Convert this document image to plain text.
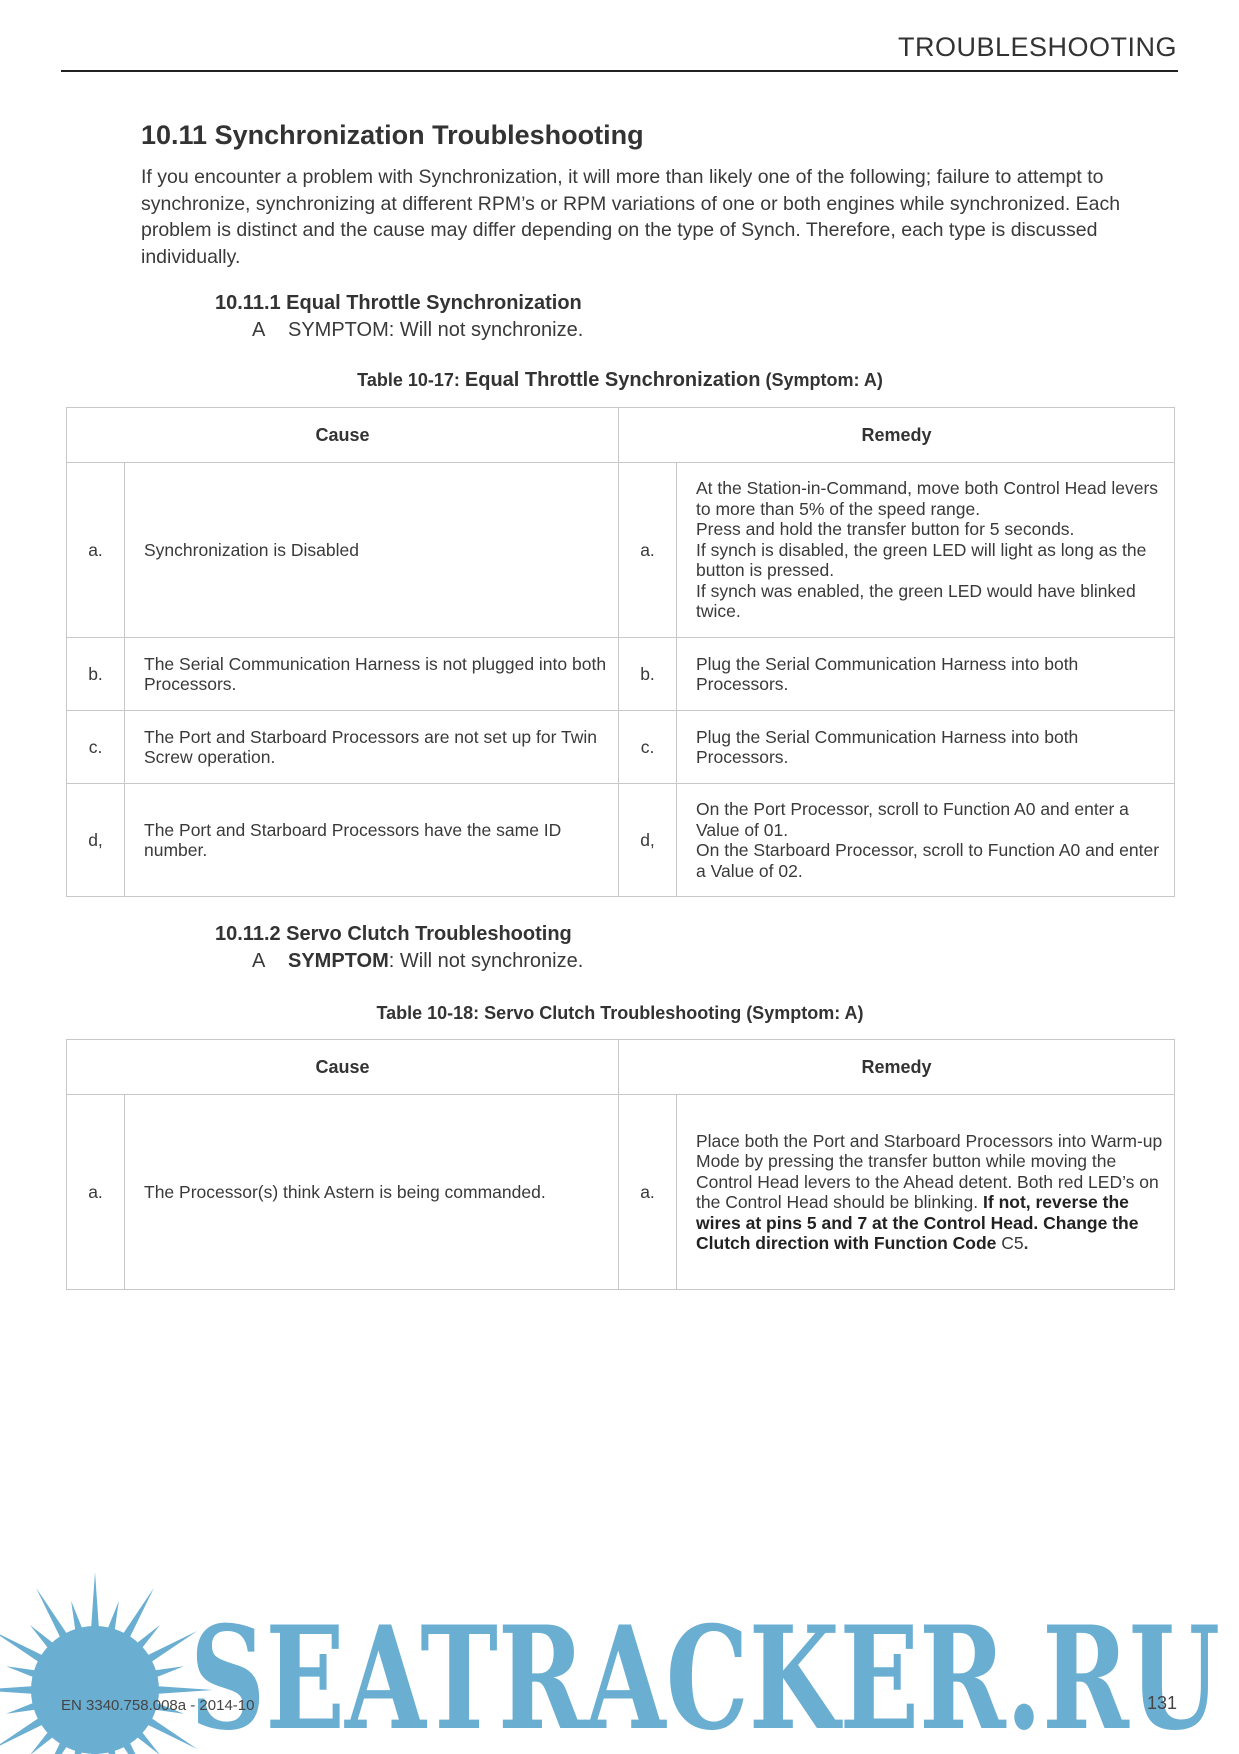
TROUBLESHOOTING
10.11 Synchronization Troubleshooting

If you encounter a problem with Synchronization, it will more than likely one of the following; failure to attempt to synchronize, synchronizing at different RPM’s or RPM variations of one or both engines while synchronized. Each problem is distinct and the cause may differ depending on the type of Synch. Therefore, each type is discussed individually.

10.11.1 Equal Throttle Synchronization
A SYMPTOM: Will not synchronize.
Table 10-17: Equal Throttle Synchronization (Symptom: A)
Cause		Remedy	
a.	Synchronization is Disabled	a.	At the Station-in-Command, move both Control Head levers to more than 5% of the speed range.
Press and hold the transfer button for 5 seconds.
If synch is disabled, the green LED will light as long as the button is pressed.
If synch was enabled, the green LED would have blinked twice.

b.	The Serial Communication Harness is not plugged into both Processors.	b.	Plug the Serial Communication Harness into both Processors.
c.	The Port and Starboard Processors are not set up for Twin Screw operation.	c.	Plug the Serial Communication Harness into both Processors.
d,	The Port and Starboard Processors have the same ID number.	d,	On the Port Processor, scroll to Function A0 and enter a Value of 01.
On the Starboard Processor, scroll to Function A0 and enter a Value of 02.
10.11.2 Servo Clutch Troubleshooting
A SYMPTOM: Will not synchronize.
Table 10-18: Servo Clutch Troubleshooting (Symptom: A)
Cause		Remedy	
a.	The Processor(s) think Astern is being commanded.	a.	Place both the Port and Starboard Processors into Warm-up Mode by pressing the transfer button while moving the Control Head levers to the Ahead detent. Both red LED’s on the Control Head should be blinking. If not, reverse the wires at pins 5 and 7 at the Control Head. Change the Clutch direction with Function Code C5.
SEATRACKER.RU
EN 3340.758.008a - 2014-10	131
